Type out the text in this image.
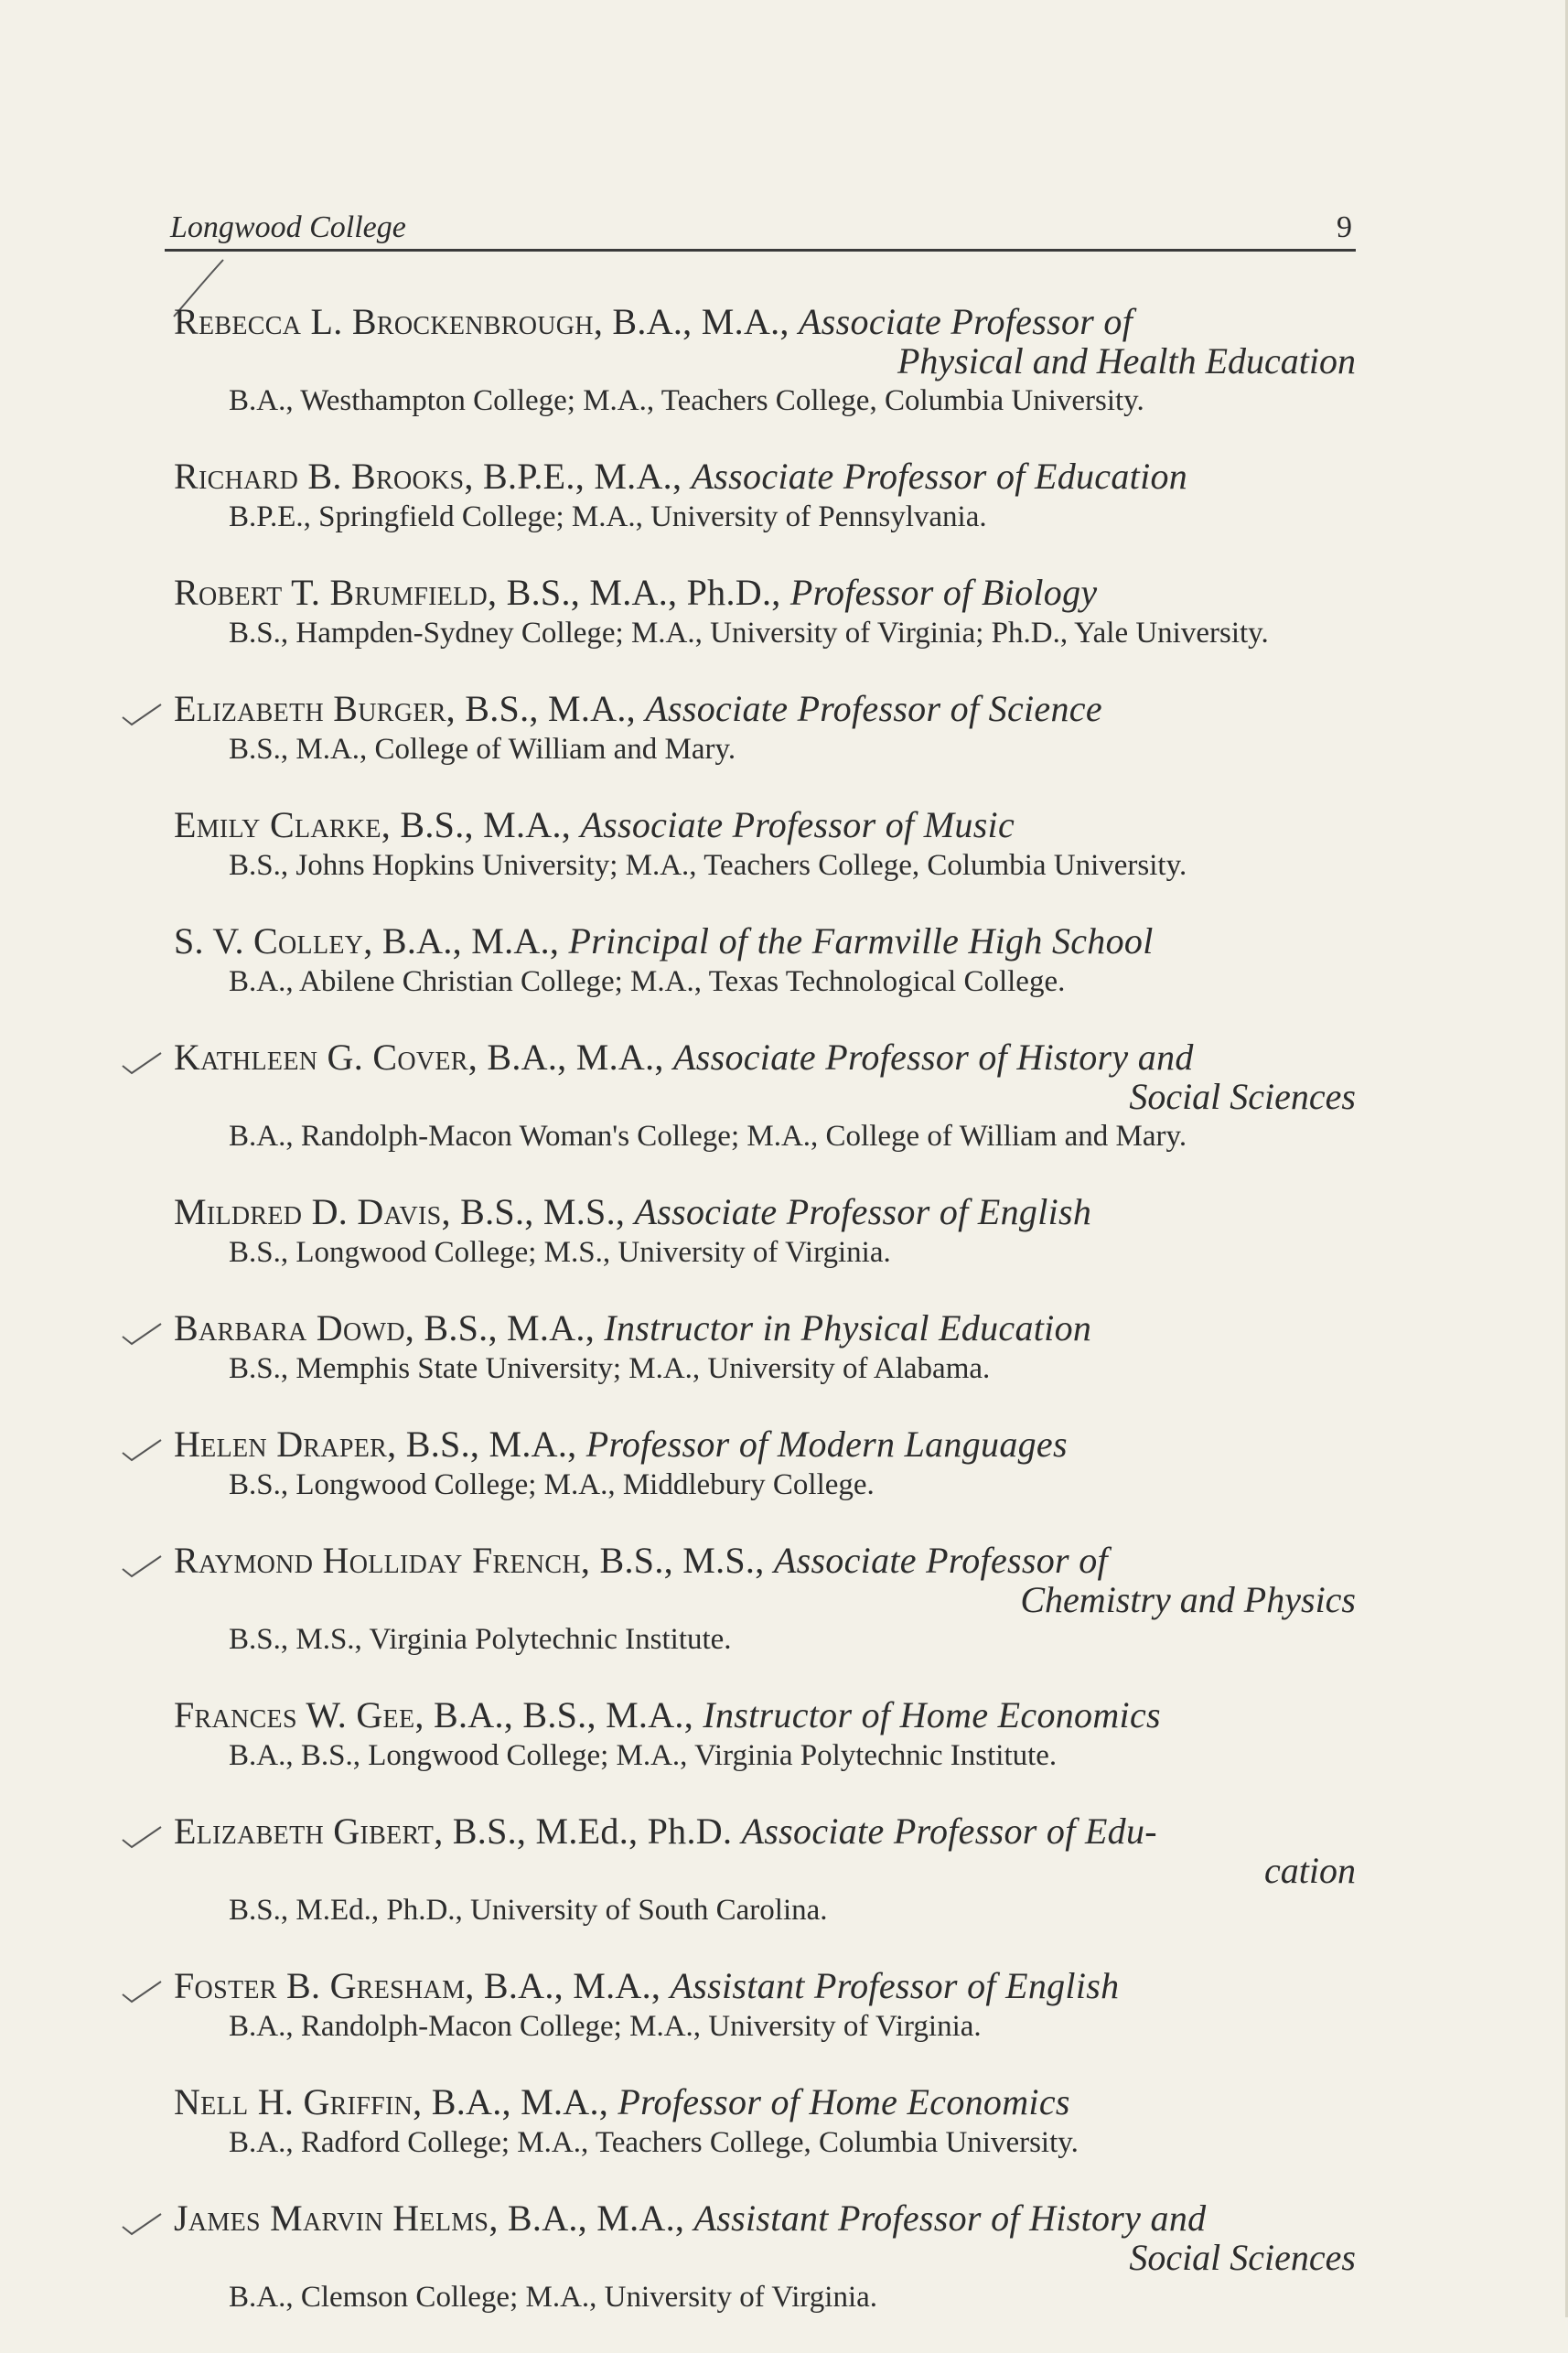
Longwood College	9
Rebecca L. Brockenbrough, B.A., M.A., Associate Professor of
Physical and Health Education
B.A., Westhampton College; M.A., Teachers College, Columbia University.
Richard B. Brooks, B.P.E., M.A., Associate Professor of Education
B.P.E., Springfield College; M.A., University of Pennsylvania.
Robert T. Brumfield, B.S., M.A., Ph.D., Professor of Biology
B.S., Hampden-Sydney College; M.A., University of Virginia; Ph.D., Yale University.
Elizabeth Burger, B.S., M.A., Associate Professor of Science
B.S., M.A., College of William and Mary.
Emily Clarke, B.S., M.A., Associate Professor of Music
B.S., Johns Hopkins University; M.A., Teachers College, Columbia University.
S. V. Colley, B.A., M.A., Principal of the Farmville High School
B.A., Abilene Christian College; M.A., Texas Technological College.
Kathleen G. Cover, B.A., M.A., Associate Professor of History and
Social Sciences
B.A., Randolph-Macon Woman's College; M.A., College of William and Mary.
Mildred D. Davis, B.S., M.S., Associate Professor of English
B.S., Longwood College; M.S., University of Virginia.
Barbara Dowd, B.S., M.A., Instructor in Physical Education
B.S., Memphis State University; M.A., University of Alabama.
Helen Draper, B.S., M.A., Professor of Modern Languages
B.S., Longwood College; M.A., Middlebury College.
Raymond Holliday French, B.S., M.S., Associate Professor of
Chemistry and Physics
B.S., M.S., Virginia Polytechnic Institute.
Frances W. Gee, B.A., B.S., M.A., Instructor of Home Economics
B.A., B.S., Longwood College; M.A., Virginia Polytechnic Institute.
Elizabeth Gibert, B.S., M.Ed., Ph.D. Associate Professor of Edu-
cation
B.S., M.Ed., Ph.D., University of South Carolina.
Foster B. Gresham, B.A., M.A., Assistant Professor of English
B.A., Randolph-Macon College; M.A., University of Virginia.
Nell H. Griffin, B.A., M.A., Professor of Home Economics
B.A., Radford College; M.A., Teachers College, Columbia University.
James Marvin Helms, B.A., M.A., Assistant Professor of History and
Social Sciences
B.A., Clemson College; M.A., University of Virginia.
